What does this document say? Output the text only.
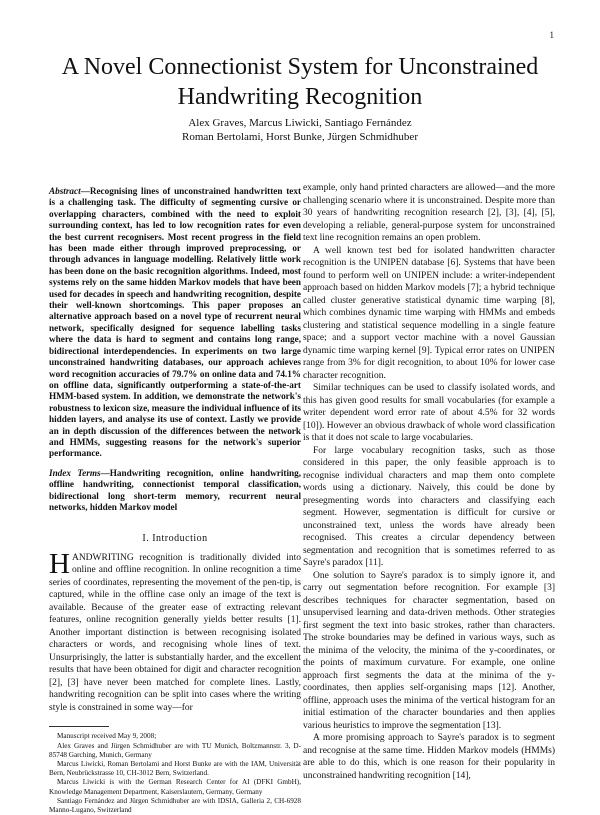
1
A Novel Connectionist System for Unconstrained Handwriting Recognition
Alex Graves, Marcus Liwicki, Santiago Fernández
Roman Bertolami, Horst Bunke, Jürgen Schmidhuber

Abstract—Recognising lines of unconstrained handwritten text is a challenging task. The difficulty of segmenting cursive or overlapping characters, combined with the need to exploit surrounding context, has led to low recognition rates for even the best current recognisers. Most recent progress in the field has been made either through improved preprocessing, or through advances in language modelling. Relatively little work has been done on the basic recognition algorithms. Indeed, most systems rely on the same hidden Markov models that have been used for decades in speech and handwriting recognition, despite their well-known shortcomings. This paper proposes an alternative approach based on a novel type of recurrent neural network, specifically designed for sequence labelling tasks where the data is hard to segment and contains long range, bidirectional interdependencies. In experiments on two large unconstrained handwriting databases, our approach achieves word recognition accuracies of 79.7% on online data and 74.1% on offline data, significantly outperforming a state-of-the-art HMM-based system. In addition, we demonstrate the network's robustness to lexicon size, measure the individual influence of its hidden layers, and analyse its use of context. Lastly we provide an in depth discussion of the differences between the network and HMMs, suggesting reasons for the network's superior performance.

Index Terms—Handwriting recognition, online handwriting, offline handwriting, connectionist temporal classification, bidirectional long short-term memory, recurrent neural networks, hidden Markov model

I. Introduction

HANDWRITING recognition is traditionally divided into online and offline recognition. In online recognition a time series of coordinates, representing the movement of the pen-tip, is captured, while in the offline case only an image of the text is available. Because of the greater ease of extracting relevant features, online recognition generally yields better results [1]. Another important distinction is between recognising isolated characters or words, and recognising whole lines of text. Unsurprisingly, the latter is substantially harder, and the excellent results that have been obtained for digit and character recognition [2], [3] have never been matched for complete lines. Lastly, handwriting recognition can be split into cases where the writing style is constrained in some way—for

Manuscript received May 9, 2008;
Alex Graves and Jürgen Schmidhuber are with TU Munich, Boltzmannstr. 3, D-85748 Garching, Munich, Germany
Marcus Liwicki, Roman Bertolami and Horst Bunke are with the IAM, Universität Bern, Neubrückstrasse 10, CH-3012 Bern, Switzerland.
Marcus Liwicki is with the German Research Center for AI (DFKI GmbH), Knowledge Management Department, Kaiserslautern, Germany, Germany
Santiago Fernández and Jürgen Schmidhuber are with IDSIA, Galleria 2, CH-6928 Manno-Lugano, Switzerland

example, only hand printed characters are allowed—and the more challenging scenario where it is unconstrained. Despite more than 30 years of handwriting recognition research [2], [3], [4], [5], developing a reliable, general-purpose system for unconstrained text line recognition remains an open problem.

A well known test bed for isolated handwritten character recognition is the UNIPEN database [6]. Systems that have been found to perform well on UNIPEN include: a writer-independent approach based on hidden Markov models [7]; a hybrid technique called cluster generative statistical dynamic time warping [8], which combines dynamic time warping with HMMs and embeds clustering and statistical sequence modelling in a single feature space; and a support vector machine with a novel Gaussian dynamic time warping kernel [9]. Typical error rates on UNIPEN range from 3% for digit recognition, to about 10% for lower case character recognition.

Similar techniques can be used to classify isolated words, and this has given good results for small vocabularies (for example a writer dependent word error rate of about 4.5% for 32 words [10]). However an obvious drawback of whole word classification is that it does not scale to large vocabularies.

For large vocabulary recognition tasks, such as those considered in this paper, the only feasible approach is to recognise individual characters and map them onto complete words using a dictionary. Naively, this could be done by presegmenting words into characters and classifying each segment. However, segmentation is difficult for cursive or unconstrained text, unless the words have already been recognised. This creates a circular dependency between segmentation and recognition that is sometimes referred to as Sayre's paradox [11].

One solution to Sayre's paradox is to simply ignore it, and carry out segmentation before recognition. For example [3] describes techniques for character segmentation, based on unsupervised learning and data-driven methods. Other strategies first segment the text into basic strokes, rather than characters. The stroke boundaries may be defined in various ways, such as the minima of the velocity, the minima of the y-coordinates, or the points of maximum curvature. For example, one online approach first segments the data at the minima of the y-coordinates, then applies self-organising maps [12]. Another, offline, approach uses the minima of the vertical histogram for an initial estimation of the character boundaries and then applies various heuristics to improve the segmentation [13].

A more promising approach to Sayre's paradox is to segment and recognise at the same time. Hidden Markov models (HMMs) are able to do this, which is one reason for their popularity in unconstrained handwriting recognition [14],
